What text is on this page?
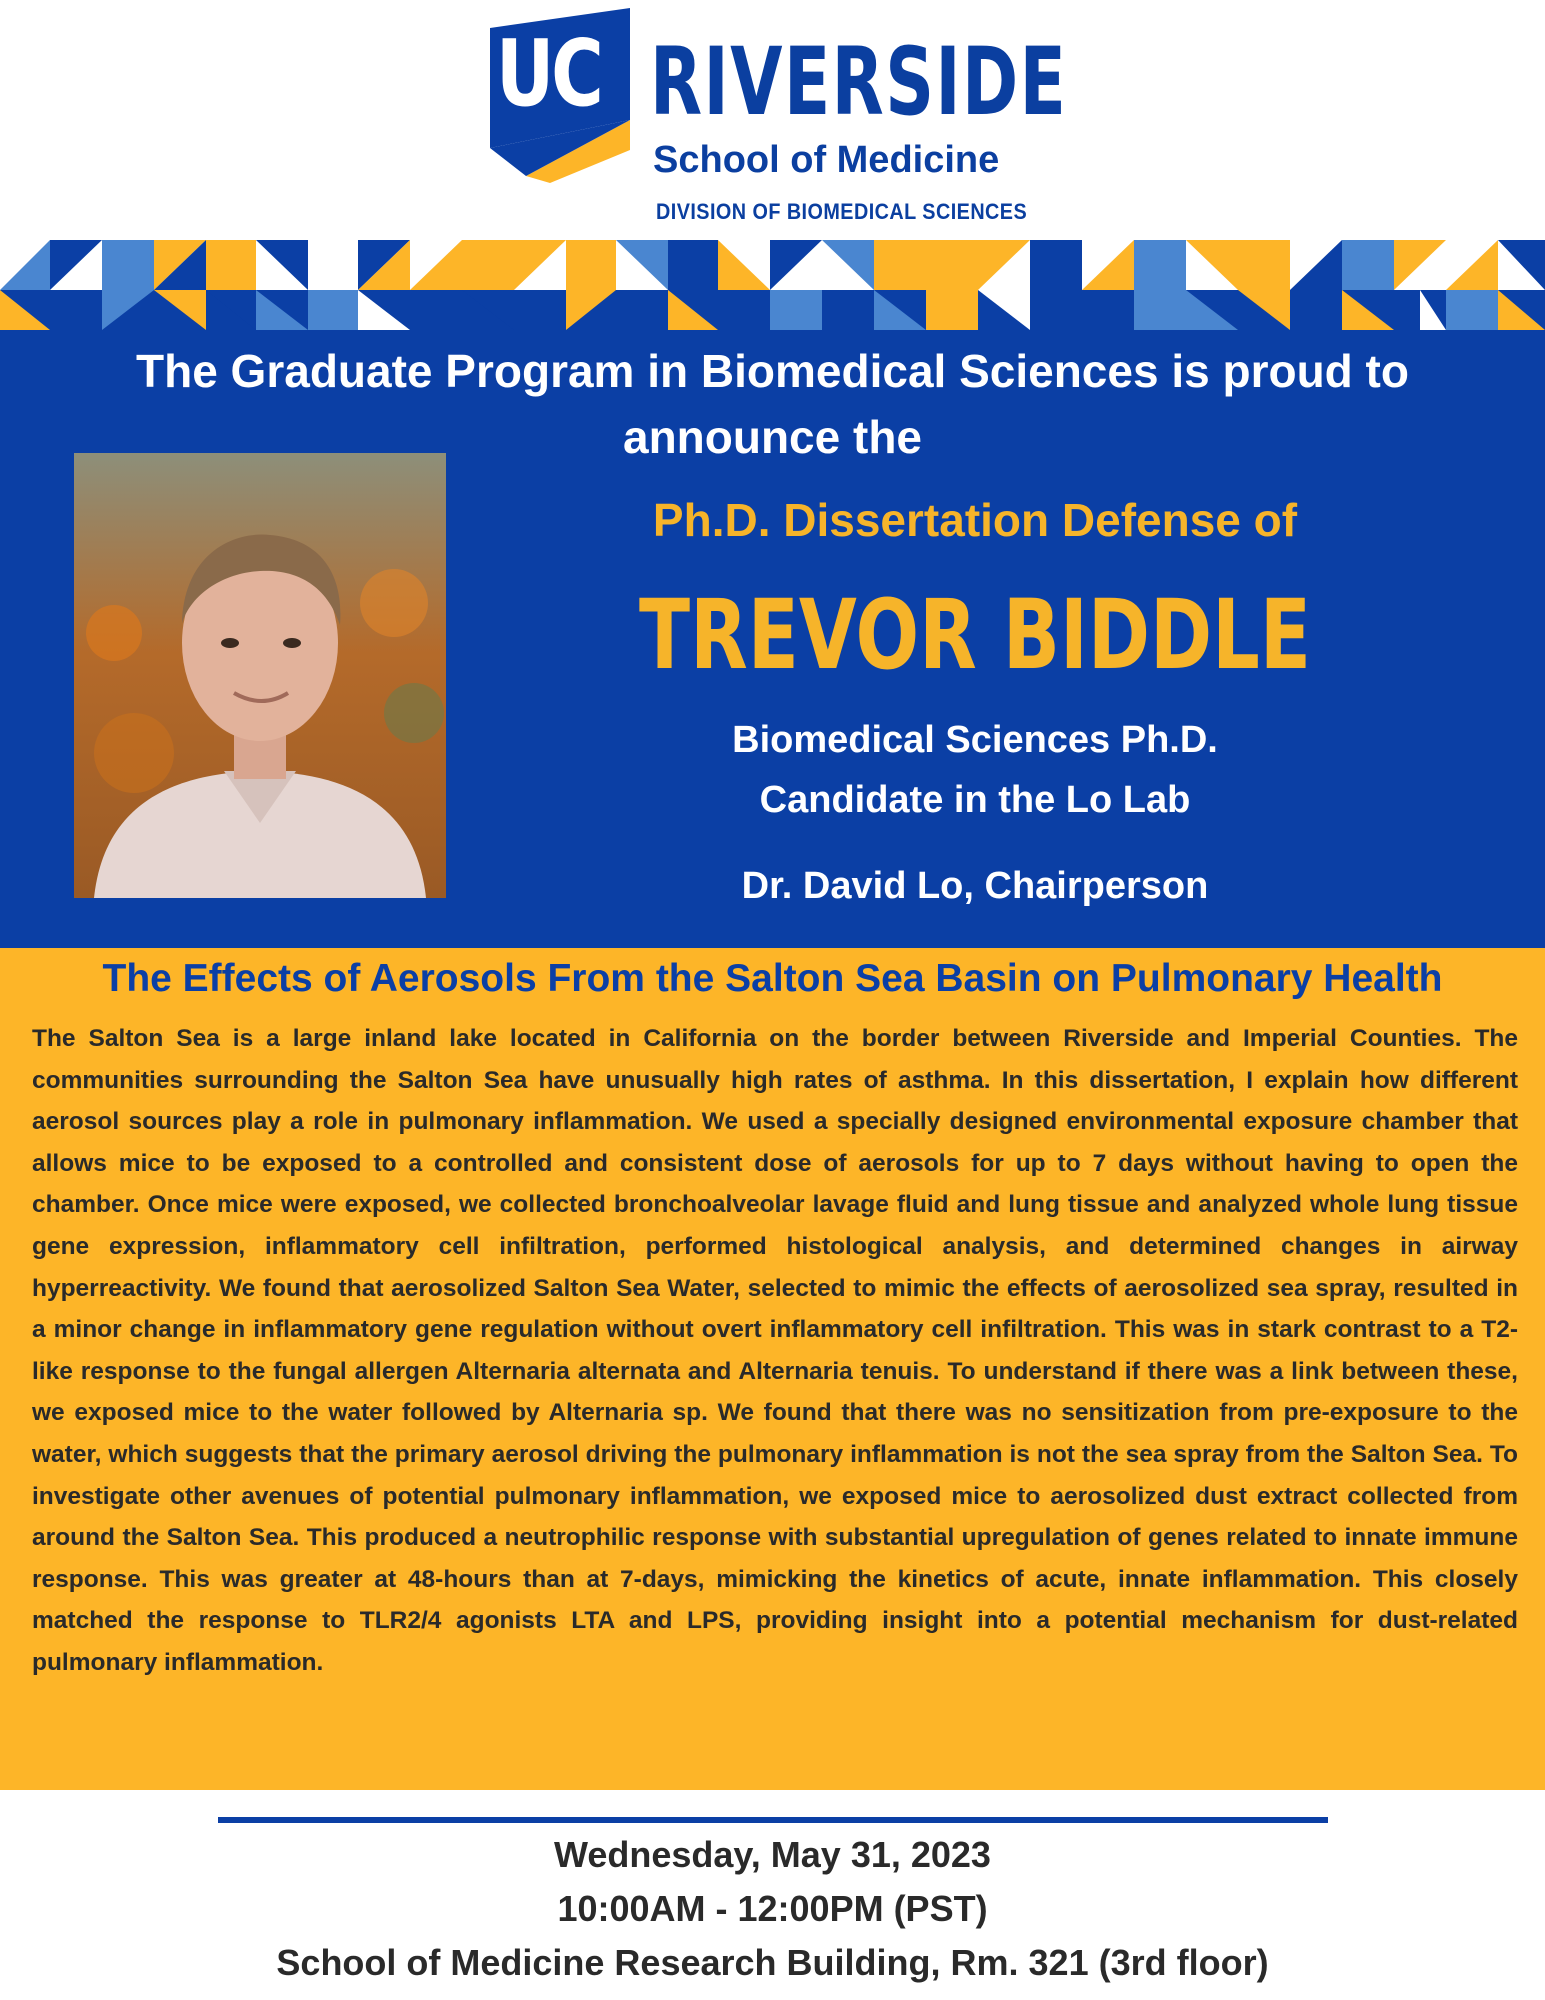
UC RIVERSIDE
School of Medicine
DIVISION OF BIOMEDICAL SCIENCES
The Graduate Program in Biomedical Sciences is proud to
announce the
Ph.D. Dissertation Defense of
TREVOR BIDDLE
Biomedical Sciences Ph.D.
Candidate in the Lo Lab
Dr. David Lo, Chairperson
The Effects of Aerosols From the Salton Sea Basin on Pulmonary Health

The Salton Sea is a large inland lake located in California on the border between Riverside and Imperial Counties. The communities surrounding the Salton Sea have unusually high rates of asthma. In this dissertation, I explain how different aerosol sources play a role in pulmonary inflammation. We used a specially designed environmental exposure chamber that allows mice to be exposed to a controlled and consistent dose of aerosols for up to 7 days without having to open the chamber. Once mice were exposed, we collected bronchoalveolar lavage fluid and lung tissue and analyzed whole lung tissue gene expression, inflammatory cell infiltration, performed histological analysis, and determined changes in airway hyperreactivity. We found that aerosolized Salton Sea Water, selected to mimic the effects of aerosolized sea spray, resulted in a minor change in inflammatory gene regulation without overt inflammatory cell infiltration. This was in stark contrast to a T2-like response to the fungal allergen Alternaria alternata and Alternaria tenuis. To understand if there was a link between these, we exposed mice to the water followed by Alternaria sp. We found that there was no sensitization from pre-exposure to the water, which suggests that the primary aerosol driving the pulmonary inflammation is not the sea spray from the Salton Sea. To investigate other avenues of potential pulmonary inflammation, we exposed mice to aerosolized dust extract collected from around the Salton Sea. This produced a neutrophilic response with substantial upregulation of genes related to innate immune response. This was greater at 48-hours than at 7-days, mimicking the kinetics of acute, innate inflammation. This closely matched the response to TLR2/4 agonists LTA and LPS, providing insight into a potential mechanism for dust-related pulmonary inflammation.

Wednesday, May 31, 2023
10:00AM - 12:00PM (PST)
School of Medicine Research Building, Rm. 321 (3rd floor)
